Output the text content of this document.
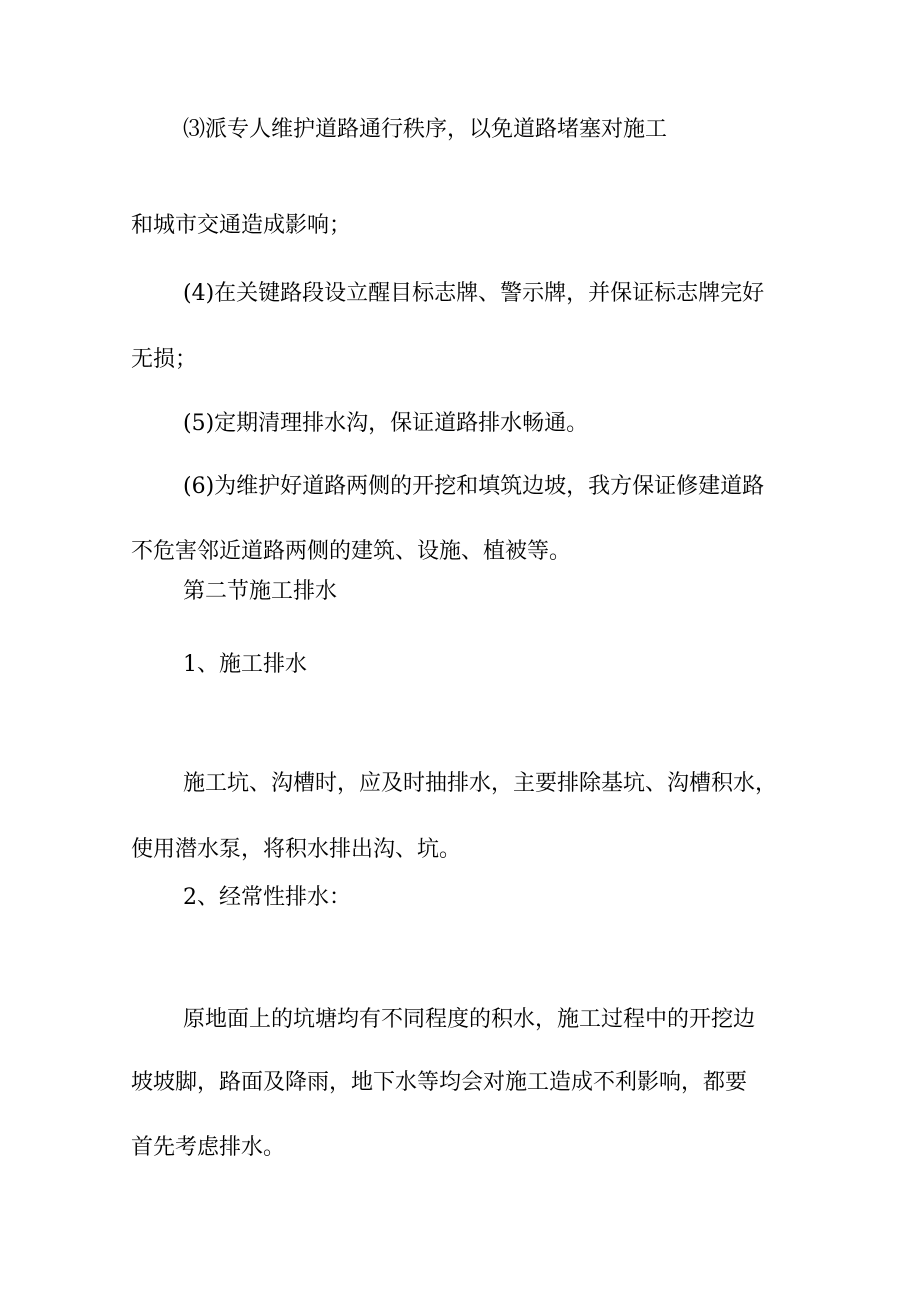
⑶派专人维护道路通行秩序，以免道路堵塞对施工

和城市交通造成影响；

(4)在关键路段设立醒目标志牌、警示牌，并保证标志牌完好

无损；

(5)定期清理排水沟，保证道路排水畅通。

(6)为维护好道路两侧的开挖和填筑边坡，我方保证修建道路

不危害邻近道路两侧的建筑、设施、植被等。

第二节施工排水
1、施工排水

施工坑、沟槽时，应及时抽排水，主要排除基坑、沟槽积水，

使用潜水泵，将积水排出沟、坑。

2、经常性排水：

原地面上的坑塘均有不同程度的积水，施工过程中的开挖边

坡坡脚，路面及降雨，地下水等均会对施工造成不利影响，都要

首先考虑排水。
